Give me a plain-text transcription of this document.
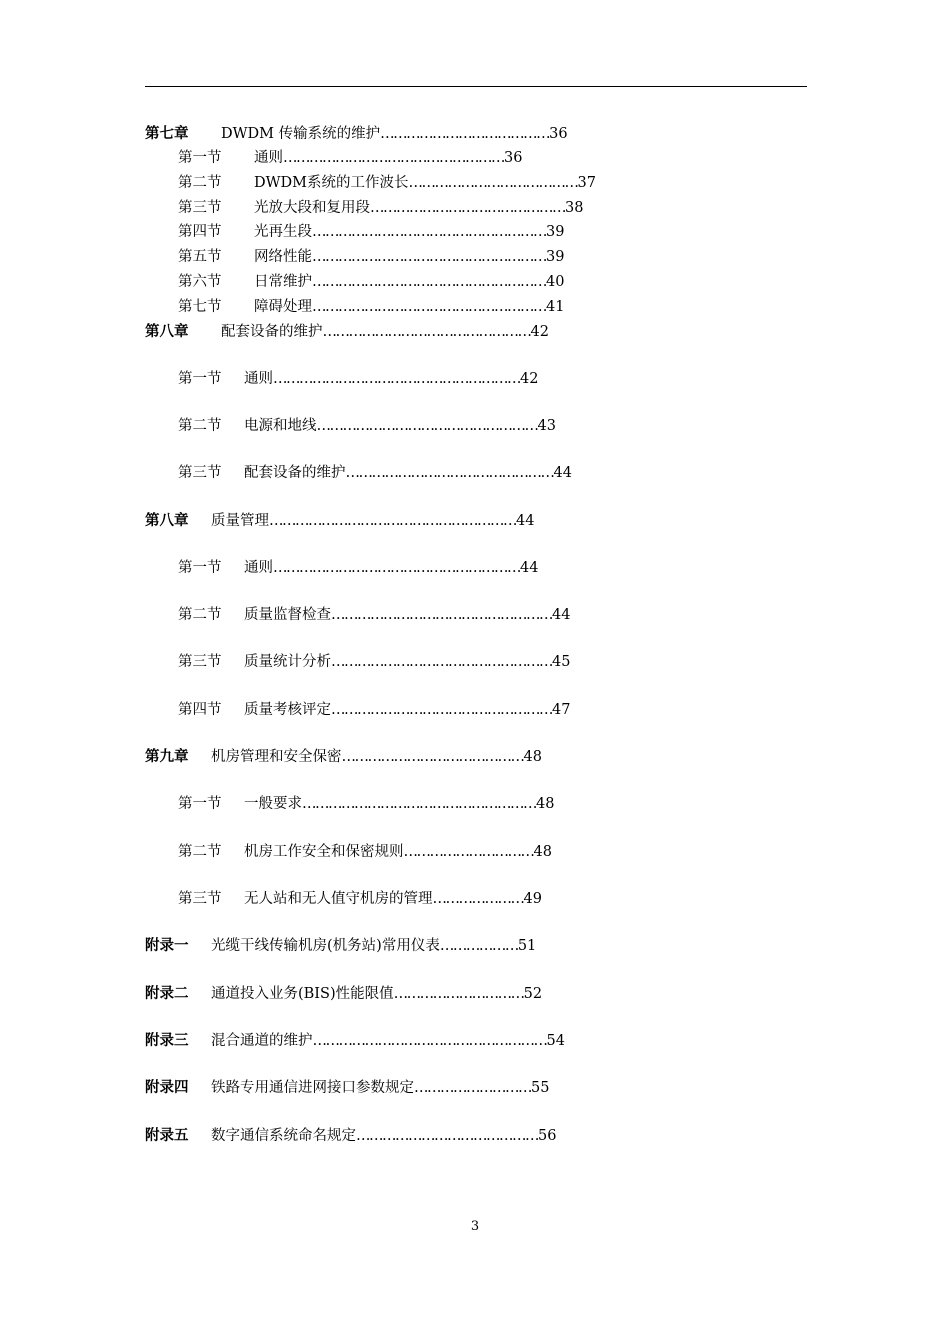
第七章 DWDM 传输系统的维护…………………………………36
第一节 通则……………………………………………36
第二节 DWDM系统的工作波长…………………………………37
第三节 光放大段和复用段………………………………………38
第四节 光再生段………………………………………………39
第五节 网络性能………………………………………………39
第六节 日常维护………………………………………………40
第七节 障碍处理………………………………………………41
第八章 配套设备的维护…………………………………………42
第一节 通则…………………………………………………42
第二节 电源和地线……………………………………………43
第三节 配套设备的维护…………………………………………44
第八章 质量管理…………………………………………………44
第一节 通则…………………………………………………44
第二节 质量监督检查……………………………………………44
第三节 质量统计分析……………………………………………45
第四节 质量考核评定……………………………………………47
第九章 机房管理和安全保密……………………………………48
第一节 一般要求………………………………………………48
第二节 机房工作安全和保密规则…………………………48
第三节 无人站和无人值守机房的管理…………………49
附录一 光缆干线传输机房(机务站)常用仪表………………51
附录二 通道投入业务(BIS)性能限值…………………………52
附录三 混合通道的维护………………………………………………54
附录四 铁路专用通信进网接口参数规定………………………55
附录五 数字通信系统命名规定……………………………………56
3
